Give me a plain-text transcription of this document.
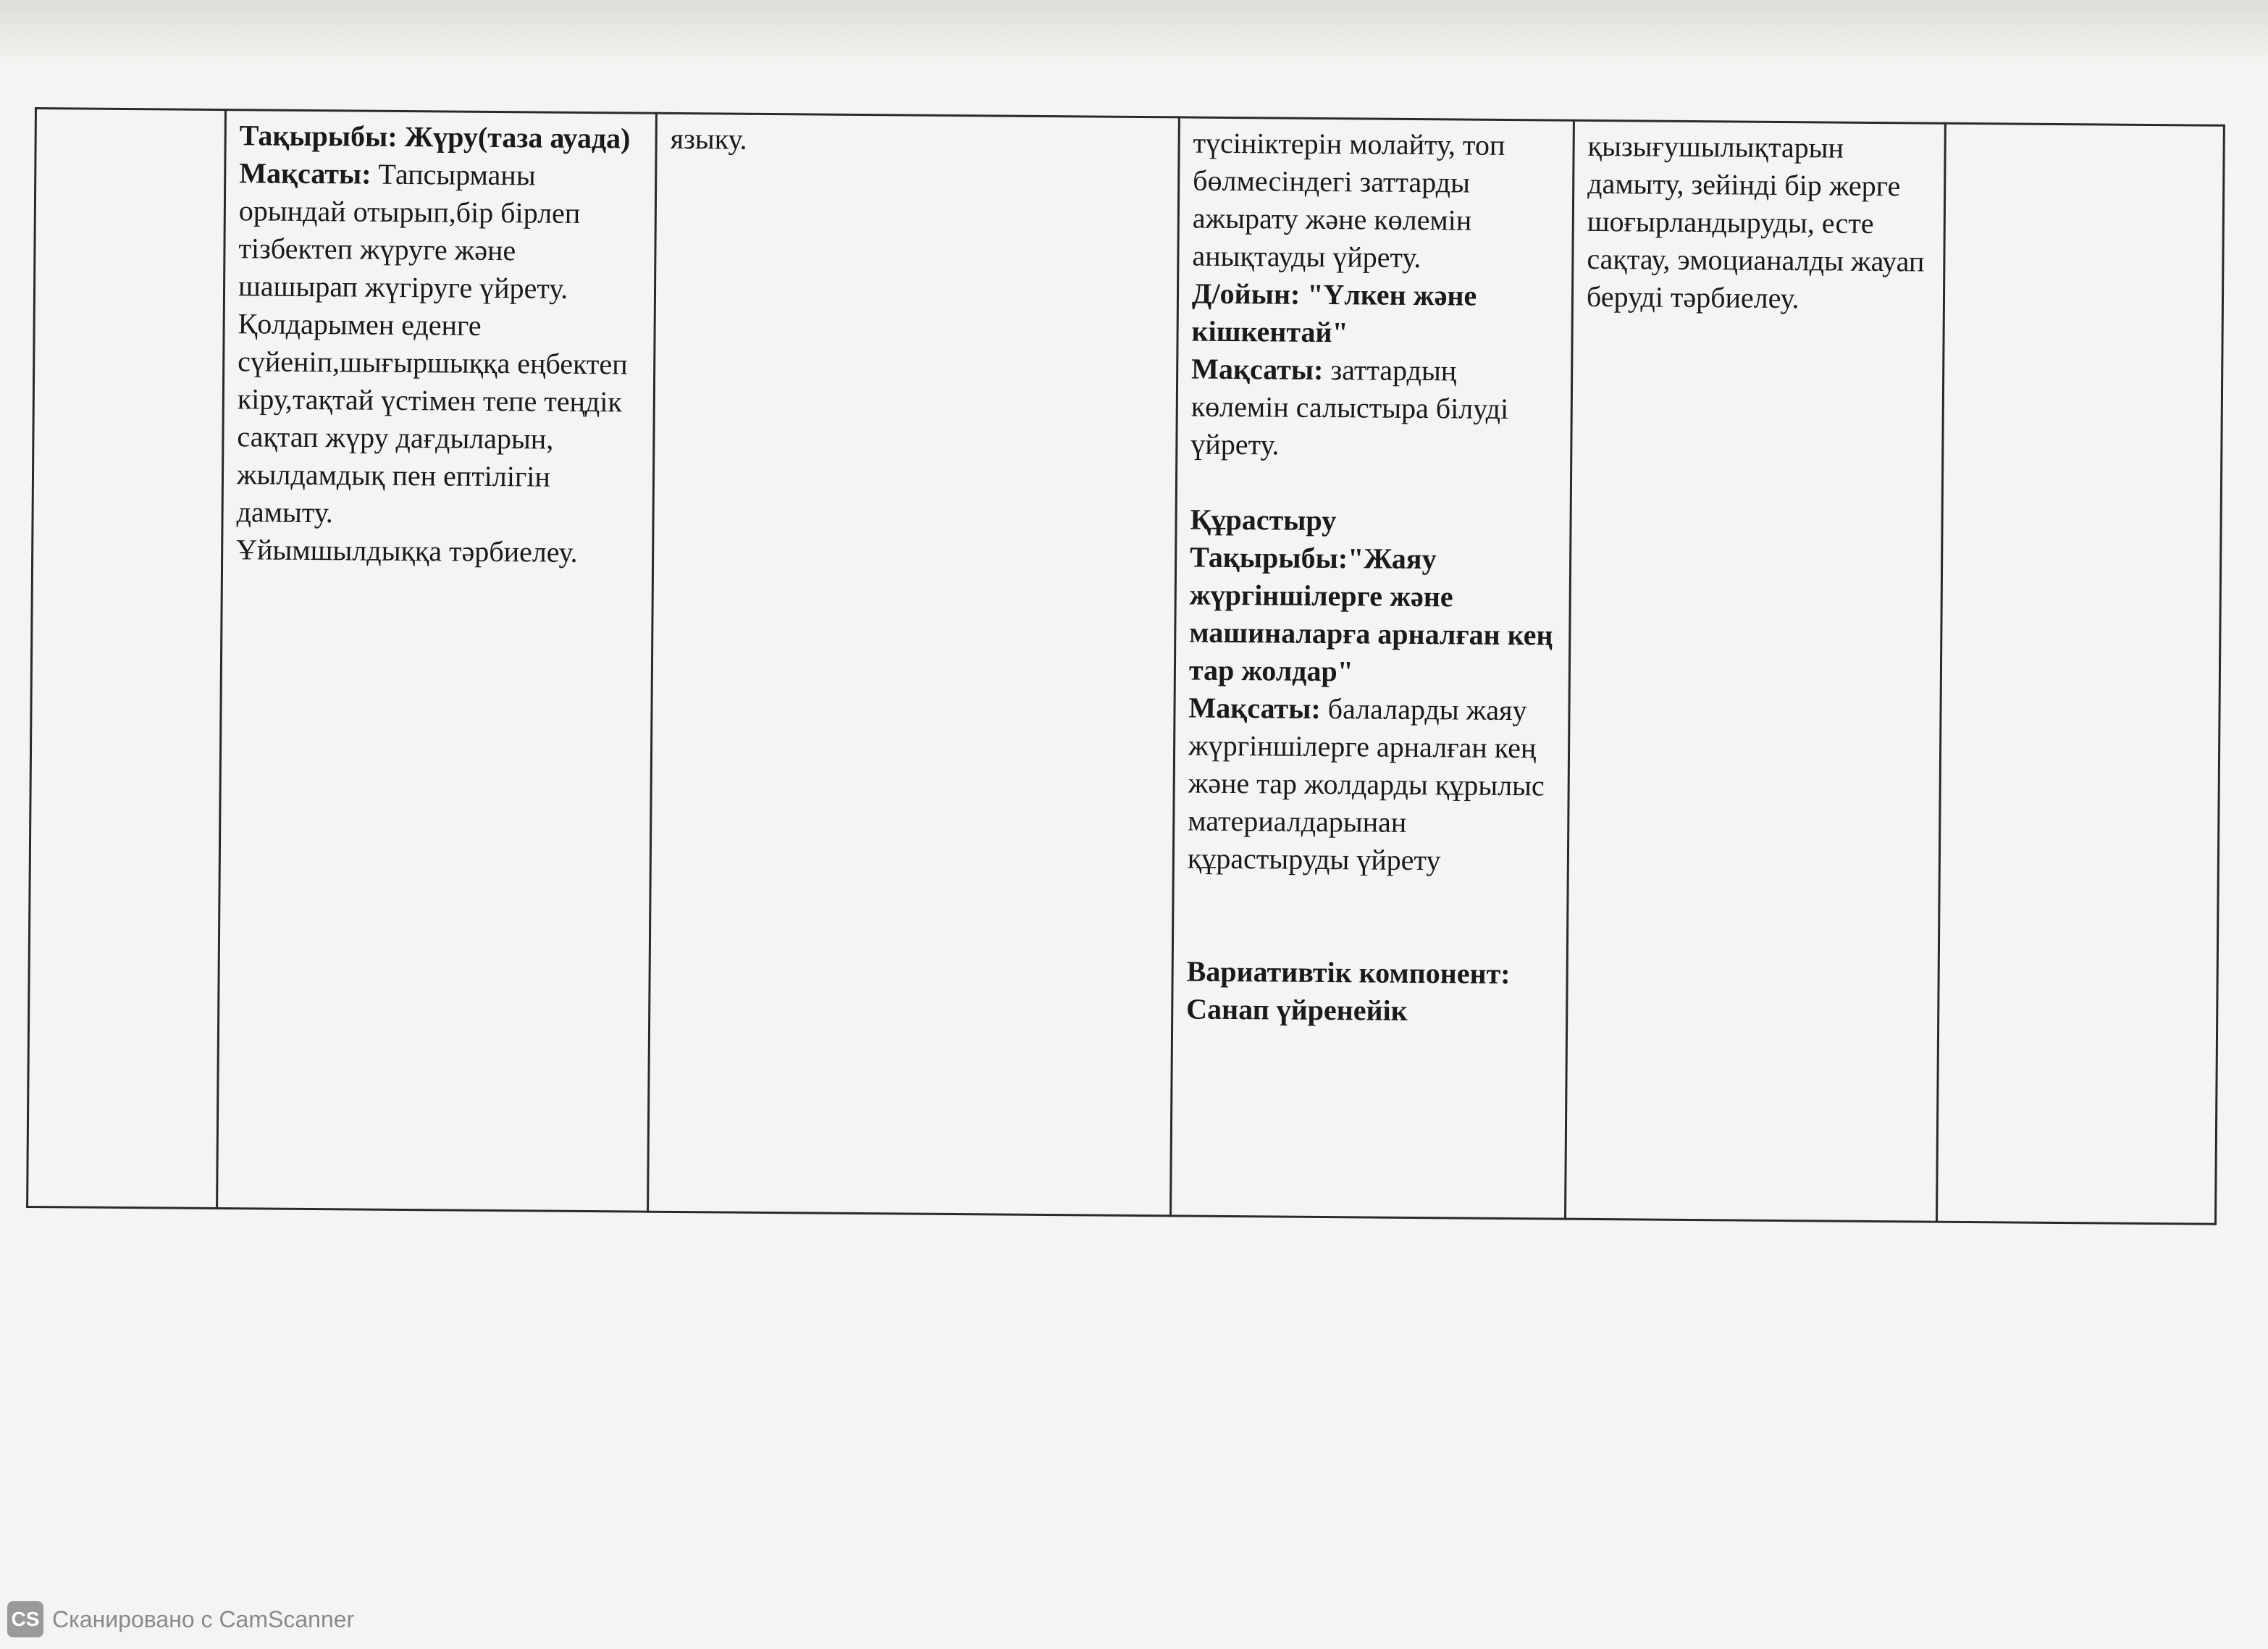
	Тақырыбы: Жүру(таза ауада)
Мақсаты: Тапсырманы орындай отырып,бір бірлеп тізбектеп жүруге және шашырап жүгіруге үйрету. Қолдарымен еденге сүйеніп,шығыршыққа еңбектеп кіру,тақтай үстімен тепе теңдік сақтап жүру дағдыларын, жылдамдық пен ептілігін дамыту.
Ұйымшылдыққа тәрбиелеу.	языку.	түсініктерін молайту, топ бөлмесіндегі заттарды ажырату және көлемін анықтауды үйрету.
Д/ойын: "Үлкен және кішкентай"
Мақсаты: заттардың көлемін салыстыра білуді үйрету.
Құрастыру
Тақырыбы:"Жаяу жүргіншілерге және машиналарға арналған кең тар жолдар"
Мақсаты: балаларды жаяу жүргіншілерге арналған кең және тар жолдарды құрылыс материалдарынан құрастыруды үйрету
Вариативтік компонент:
Санап үйренейік	қызығушылықтарын дамыту, зейінді бір жерге шоғырландыруды, есте сақтау, эмоцианалды жауап беруді тәрбиелеу.	
CS Сканировано с CamScanner
